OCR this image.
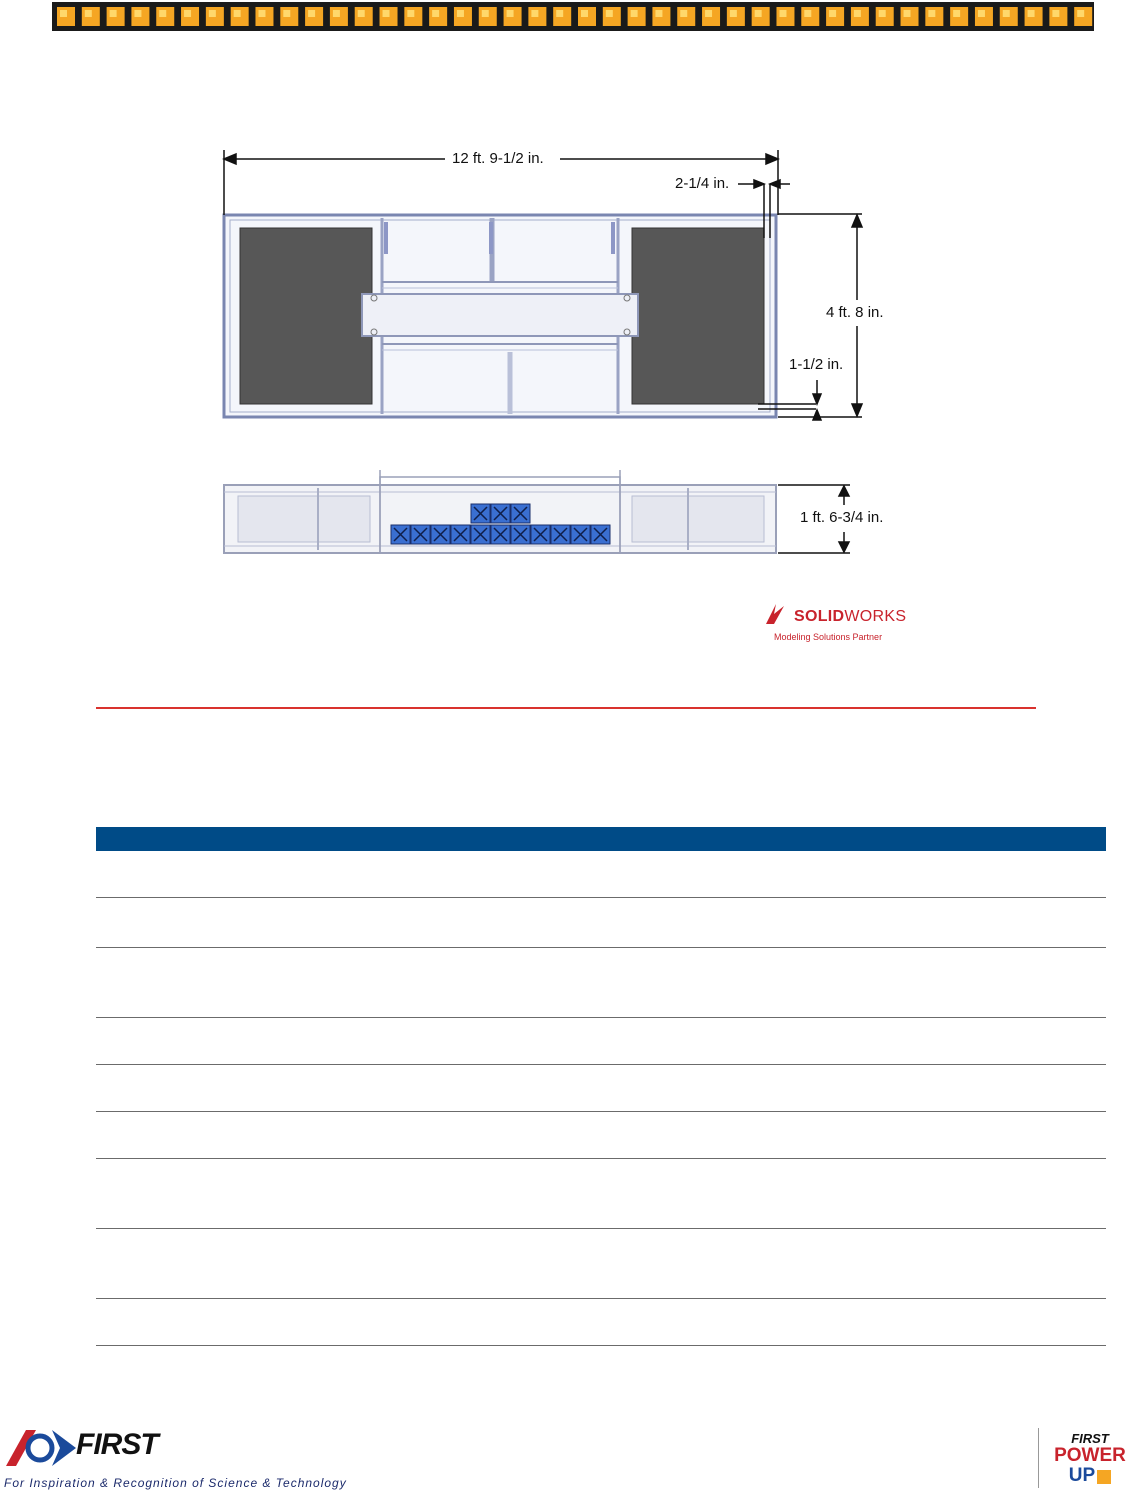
12 ft. 9-1/2 in.
2-1/4 in.
4 ft. 8 in.
1-1/2 in.
1 ft. 6-3/4 in.
SOLIDWORKS
Modeling Solutions Partner
FIRST
For Inspiration & Recognition of Science & Technology
FIRST
POWER
UP
